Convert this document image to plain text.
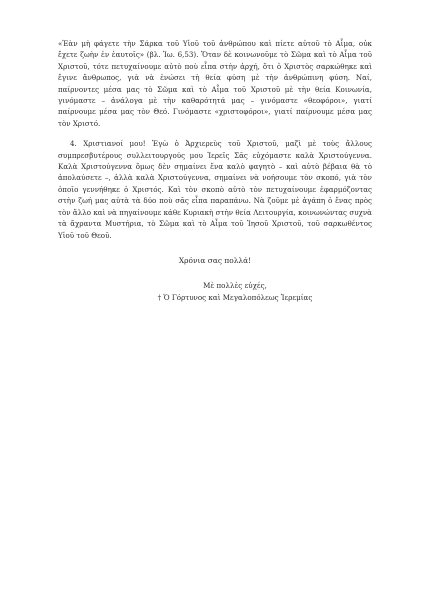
«Ἐὰν μὴ φάγετε τὴν Σάρκα τοῦ Υἱοῦ τοῦ ἀνθρώπου καὶ πίετε αὐτοῦ τὸ Αἷμα, οὐκ ἔχετε ζωὴν ἐν ἑαυτοῖς» (βλ. Ἰω. 6,53). Ὅταν δὲ κοινωνοῦμε τὸ Σῶμα καὶ τὸ Αἷμα τοῦ Χριστοῦ, τότε πετυχαίνουμε αὐτὸ ποὺ εἶπα στὴν ἀρχή, ὅτι ὁ Χριστὸς σαρκώθηκε καὶ ἔγινε ἄνθρωπος, γιὰ νὰ ἑνώσει τὴ θεία φύση μὲ τὴν ἀνθρώπινη φύση. Ναί, παίρνοντες μέσα μας τὸ Σῶμα καὶ τὸ Αἷμα τοῦ Χριστοῦ μὲ τὴν θεία Κοινωνία, γινόμαστε – ἀνάλογα μὲ τὴν καθαρότητά μας – γινόμαστε «θεοφόροι», γιατί παίρνουμε μέσα μας τὸν Θεό. Γινόμαστε «χριστοφόροι», γιατί παίρνουμε μέσα μας τὸν Χριστό.

4. Χριστιανοί μου! Ἐγὼ ὁ Ἀρχιερεὺς τοῦ Χριστοῦ, μαζὶ μὲ τοὺς ἄλλους συμπρεσβυτέρους συλλειτουργούς μου Ἱερεῖς Σᾶς εὐχόμαστε καλὰ Χριστούγεννα. Καλὰ Χριστούγεννα ὅμως δὲν σημαίνει ἕνα καλὸ φαγητὸ – καὶ αὐτὸ βέβαια θὰ τὸ ἀπολαύσετε –, ἀλλὰ καλὰ Χριστούγεννα, σημαίνει νὰ νοήσουμε τὸν σκοπό, γιὰ τὸν ὁποῖο γεννήθηκε ὁ Χριστός. Καὶ τὸν σκοπὸ αὐτὸ τὸν πετυχαίνουμε ἐφαρμόζοντας στὴν ζωή μας αὐτὰ τὰ δύο ποὺ σᾶς εἶπα παραπάνω. Νὰ ζοῦμε μὲ ἀγάπη ὁ ἕνας πρὸς τὸν ἄλλο καὶ νὰ πηγαίνουμε κάθε Κυριακὴ στὴν θεία Λειτουργία, κοινωνώντας συχνὰ τὰ ἄχραντα Μυστήρια, τὸ Σῶμα καὶ τὸ Αἷμα τοῦ Ἰησοῦ Χριστοῦ, τοῦ σαρκωθέντος Υἱοῦ τοῦ Θεοῦ.

Χρόνια σας πολλά!

Μὲ πολλὲς εὐχές,
† Ὁ Γόρτυνος καὶ Μεγαλοπόλεως Ἱερεμίας
